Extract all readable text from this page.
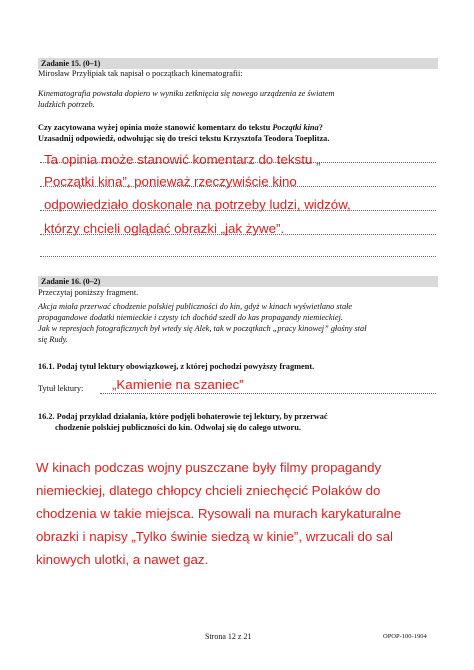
Zadanie 15. (0–1)
Mirosław Przyłipiak tak napisał o początkach kinematografii:
Kinematografia powstała dopiero w wyniku zetknięcia się nowego urządzenia ze światem
ludzkich potrzeb.
Czy zacytowana wyżej opinia może stanowić komentarz do tekstu Początki kina?
Uzasadnij odpowiedź, odwołując się do treści tekstu Krzysztofa Teodora Toeplitza.
Ta opinia może stanowić komentarz do tekstu „
Początki kina”, ponieważ rzeczywiście kino
odpowiedziało doskonale na potrzeby ludzi, widzów,
którzy chcieli oglądać obrazki „jak żywe”.
Zadanie 16. (0–2)
Przeczytaj poniższy fragment.
Akcja miała przerwać chodzenie polskiej publiczności do kin, gdyż w kinach wyświetlano stałe
propagandowe dodatki niemieckie i czysty ich dochód szedł do kas propagandy niemieckiej.
Jak w represjach fotograficznych był wtedy się Alek, tak w początkach „pracy kinowej” głośny stał
się Rudy.
16.1. Podaj tytuł lektury obowiązkowej, z której pochodzi powyższy fragment.
Tytuł lektury: „Kamienie na szaniec”
16.2. Podaj przykład działania, które podjęli bohaterowie tej lektury, by przerwać
chodzenie polskiej publiczności do kin. Odwołaj się do całego utworu.
W kinach podczas wojny puszczane były filmy propagandy
niemieckiej, dlatego chłopcy chcieli zniechęcić Polaków do
chodzenia w takie miejsca. Rysowali na murach karykaturalne
obrazki i napisy „Tylko świnie siedzą w kinie”, wrzucali do sal
kinowych ulotki, a nawet gaz.
Strona 12 z 21	OPOP-100-1904
